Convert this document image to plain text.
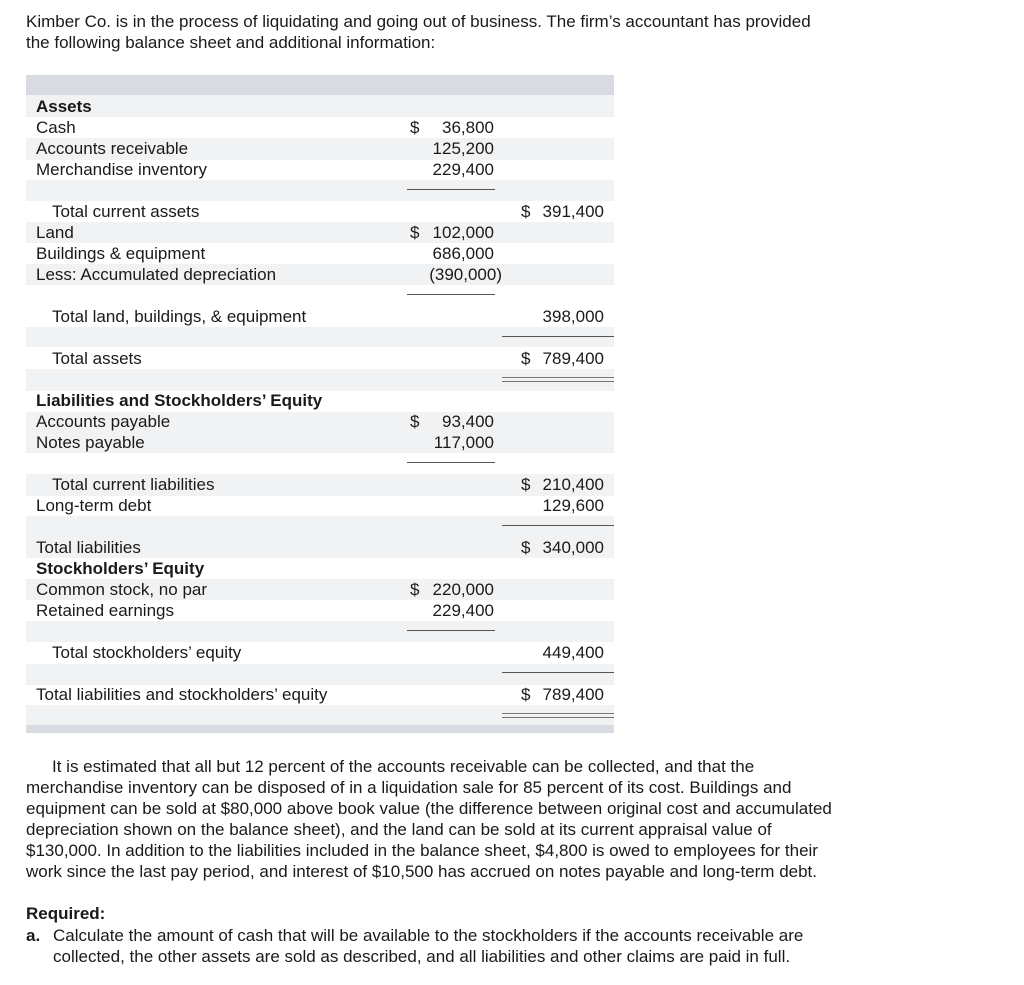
Kimber Co. is in the process of liquidating and going out of business. The firm’s accountant has provided
the following balance sheet and additional information:
Assets
Cash	$ 36,800
Accounts receivable	125,200
Merchandise inventory	229,400
Total current assets	$ 391,400
Land	$ 102,000
Buildings & equipment	686,000
Less: Accumulated depreciation	(390,000)
Total land, buildings, & equipment	398,000
Total assets	$ 789,400
Liabilities and Stockholders’ Equity
Accounts payable	$ 93,400
Notes payable	117,000
Total current liabilities	$ 210,400
Long-term debt	129,600
Total liabilities	$ 340,000
Stockholders’ Equity
Common stock, no par	$ 220,000
Retained earnings	229,400
Total stockholders’ equity	449,400
Total liabilities and stockholders’ equity	$ 789,400
It is estimated that all but 12 percent of the accounts receivable can be collected, and that the
merchandise inventory can be disposed of in a liquidation sale for 85 percent of its cost. Buildings and
equipment can be sold at $80,000 above book value (the difference between original cost and accumulated
depreciation shown on the balance sheet), and the land can be sold at its current appraisal value of
$130,000. In addition to the liabilities included in the balance sheet, $4,800 is owed to employees for their
work since the last pay period, and interest of $10,500 has accrued on notes payable and long-term debt.
Required:
a. Calculate the amount of cash that will be available to the stockholders if the accounts receivable are
collected, the other assets are sold as described, and all liabilities and other claims are paid in full.
